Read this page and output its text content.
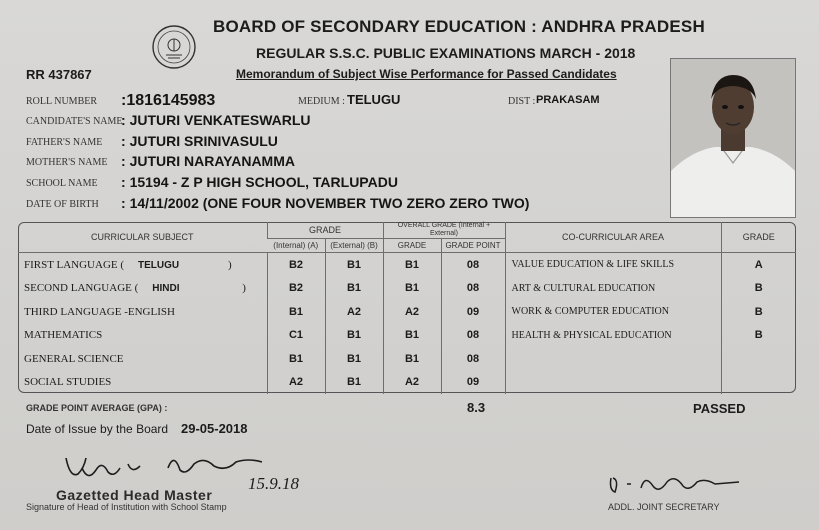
BOARD OF SECONDARY EDUCATION : ANDHRA PRADESH
REGULAR S.S.C. PUBLIC EXAMINATIONS MARCH - 2018
Memorandum of Subject Wise Performance for Passed Candidates
RR 437867
ROLL NUMBER :1816145983	MEDIUM : TELUGU	DIST : PRAKASAM
CANDIDATE'S NAME
: JUTURI VENKATESWARLU
FATHER'S NAME : JUTURI SRINIVASULU
MOTHER'S NAME : JUTURI NARAYANAMMA
SCHOOL NAME : 15194 - Z P HIGH SCHOOL, TARLUPADU
DATE OF BIRTH : 14/11/2002 (ONE FOUR NOVEMBER TWO ZERO ZERO TWO)
CURRICULAR SUBJECT	GRADE		OVERALL GRADE (Internal + External)		CO-CURRICULAR AREA	GRADE
	(Internal) (A)	(External) (B)	GRADE	GRADE POINT		
FIRST LANGUAGE ( TELUGU )	B2	B1	B1	08	VALUE EDUCATION & LIFE SKILLS	A
SECOND LANGUAGE ( HINDI )	B2	B1	B1	08	ART & CULTURAL EDUCATION	B
THIRD LANGUAGE -ENGLISH	B1	A2	A2	09	WORK & COMPUTER EDUCATION	B
MATHEMATICS	C1	B1	B1	08	HEALTH & PHYSICAL EDUCATION	B
GENERAL SCIENCE	B1	B1	B1	08		
SOCIAL STUDIES	A2	B1	A2	09		
GRADE POINT AVERAGE (GPA) :	8.3	PASSED
Date of Issue by the Board 29-05-2018
15.9.18
Gazetted Head Master
Signature of Head of Institution with School Stamp	ADDL. JOINT SECRETARY
